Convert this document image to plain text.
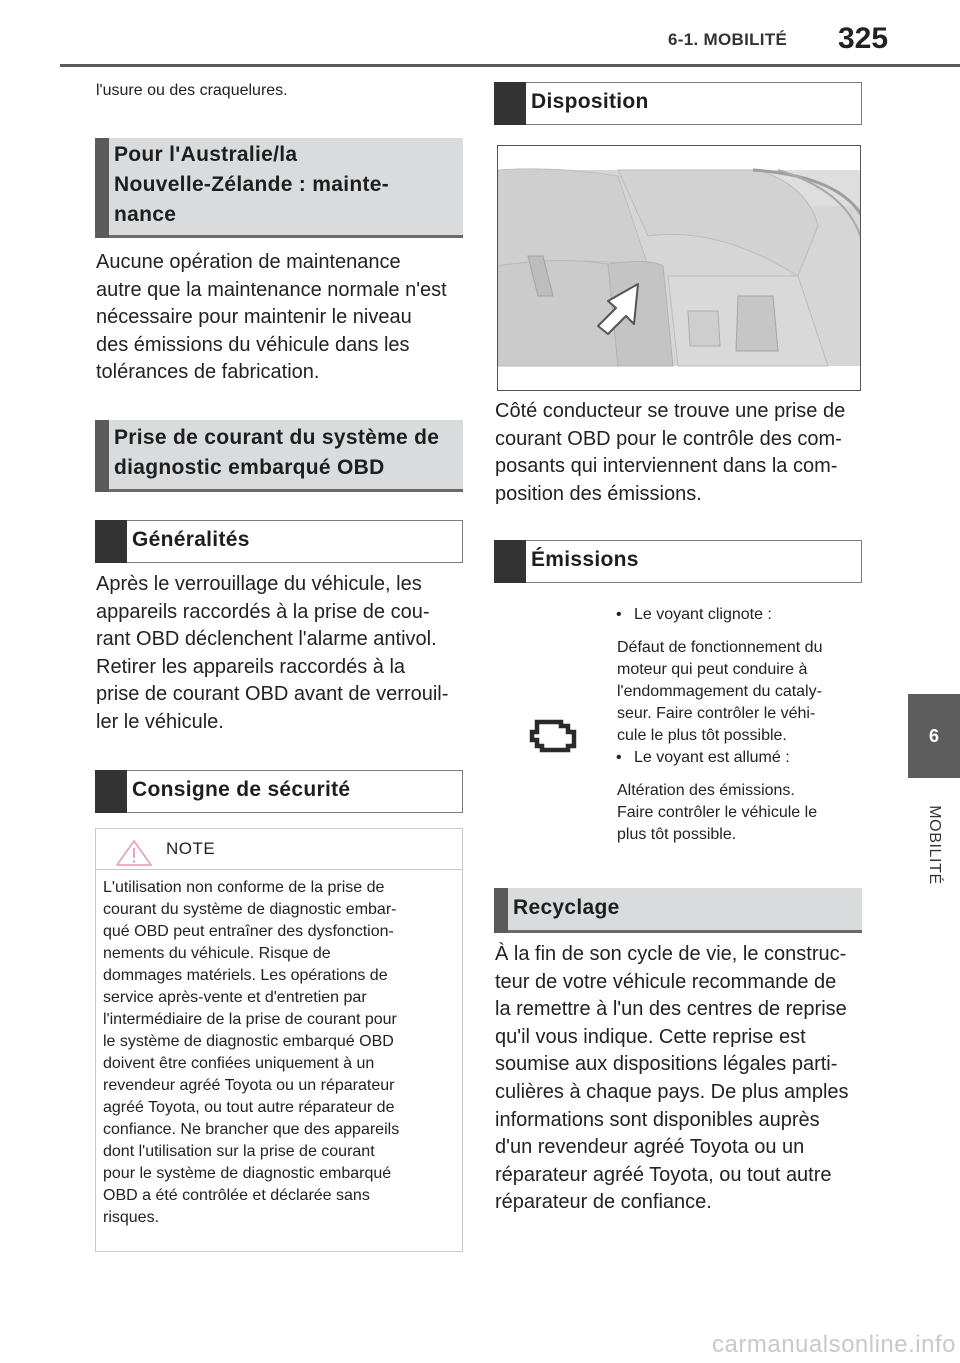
6-1. MOBILITÉ 325
6
MOBILITÉ

l'usure ou des craquelures.

Pour l'Australie/la
Nouvelle-Zélande : mainte-
nance

Aucune opération de maintenance

autre que la maintenance normale n'est

nécessaire pour maintenir le niveau

des émissions du véhicule dans les

tolérances de fabrication.

Prise de courant du système de
diagnostic embarqué OBD
Généralités

Après le verrouillage du véhicule, les

appareils raccordés à la prise de cou-

rant OBD déclenchent l'alarme antivol.

Retirer les appareils raccordés à la

prise de courant OBD avant de verrouil-

ler le véhicule.

Consigne de sécurité
NOTE

L'utilisation non conforme de la prise de

courant du système de diagnostic embar-

qué OBD peut entraîner des dysfonction-

nements du véhicule. Risque de

dommages matériels. Les opérations de

service après-vente et d'entretien par

l'intermédiaire de la prise de courant pour

le système de diagnostic embarqué OBD

doivent être confiées uniquement à un

revendeur agréé Toyota ou un réparateur

agréé Toyota, ou tout autre réparateur de

confiance. Ne brancher que des appareils

dont l'utilisation sur la prise de courant

pour le système de diagnostic embarqué

OBD a été contrôlée et déclarée sans

risques.

Disposition

Côté conducteur se trouve une prise de

courant OBD pour le contrôle des com-

posants qui interviennent dans la com-

position des émissions.

Émissions
• Le voyant clignote :

Défaut de fonctionnement du

moteur qui peut conduire à

l'endommagement du cataly-

seur. Faire contrôler le véhi-

cule le plus tôt possible.

• Le voyant est allumé :

Altération des émissions.

Faire contrôler le véhicule le

plus tôt possible.

Recyclage

À la fin de son cycle de vie, le construc-

teur de votre véhicule recommande de

la remettre à l'un des centres de reprise

qu'il vous indique. Cette reprise est

soumise aux dispositions légales parti-

culières à chaque pays. De plus amples

informations sont disponibles auprès

d'un revendeur agréé Toyota ou un

réparateur agréé Toyota, ou tout autre

réparateur de confiance.

carmanualsonline.info
